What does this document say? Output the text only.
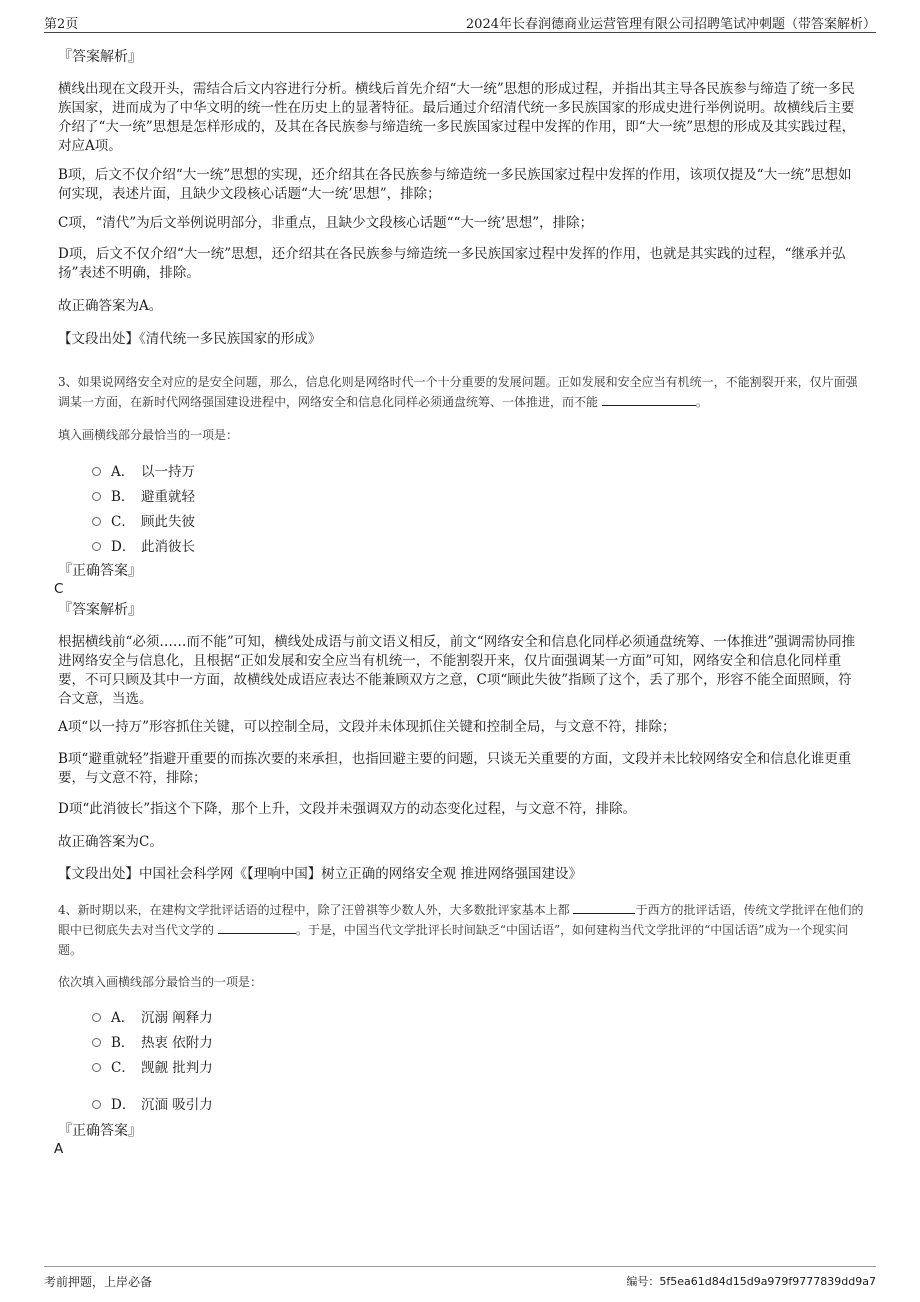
第2页	2024年长春润德商业运营管理有限公司招聘笔试冲刺题（带答案解析）
『答案解析』
横线出现在文段开头，需结合后文内容进行分析。横线后首先介绍“大一统”思想的形成过程，并指出其主导各民族参与缔造了统一多民族国家，进而成为了中华文明的统一性在历史上的显著特征。最后通过介绍清代统一多民族国家的形成史进行举例说明。故横线后主要介绍了“大一统”思想是怎样形成的，及其在各民族参与缔造统一多民族国家过程中发挥的作用，即“大一统”思想的形成及其实践过程，对应A项。
B项，后文不仅介绍“大一统”思想的实现，还介绍其在各民族参与缔造统一多民族国家过程中发挥的作用，该项仅提及“大一统”思想如何实现，表述片面，且缺少文段核心话题“大一统’思想”，排除；
C项，“清代”为后文举例说明部分，非重点，且缺少文段核心话题““大一统’思想”，排除；
D项，后文不仅介绍“大一统”思想，还介绍其在各民族参与缔造统一多民族国家过程中发挥的作用，也就是其实践的过程，“继承并弘扬”表述不明确，排除。
故正确答案为A。
【文段出处】《清代统一多民族国家的形成》
3、如果说网络安全对应的是安全问题，那么，信息化则是网络时代一个十分重要的发展问题。正如发展和安全应当有机统一，不能割裂开来，仅片面强调某一方面，在新时代网络强国建设进程中，网络安全和信息化同样必须通盘统筹、一体推进，而不能	。
填入画横线部分最恰当的一项是：
A． 以一持万
B． 避重就轻
C． 顾此失彼
D． 此消彼长
『正确答案』
C
『答案解析』
根据横线前“必须……而不能”可知，横线处成语与前文语义相反，前文“网络安全和信息化同样必须通盘统筹、一体推进”强调需协同推进网络安全与信息化，且根据“正如发展和安全应当有机统一，不能割裂开来，仅片面强调某一方面”可知，网络安全和信息化同样重要，不可只顾及其中一方面，故横线处成语应表达不能兼顾双方之意，C项“顾此失彼”指顾了这个，丢了那个，形容不能全面照顾，符合文意，当选。
A项“以一持万”形容抓住关键，可以控制全局，文段并未体现抓住关键和控制全局，与文意不符，排除；
B项“避重就轻”指避开重要的而拣次要的来承担，也指回避主要的问题，只谈无关重要的方面，文段并未比较网络安全和信息化谁更重要，与文意不符，排除；
D项“此消彼长”指这个下降，那个上升，文段并未强调双方的动态变化过程，与文意不符，排除。
故正确答案为C。
【文段出处】中国社会科学网《【理响中国】树立正确的网络安全观 推进网络强国建设》
4、新时期以来，在建构文学批评话语的过程中，除了汪曾祺等少数人外，大多数批评家基本上都	于西方的批评话语，传统文学批评在他们的眼中已彻底失去对当代文学的	。于是，中国当代文学批评长时间缺乏“中国话语”，如何建构当代文学批评的“中国话语”成为一个现实问题。
依次填入画横线部分最恰当的一项是：
A． 沉溺 阐释力
B． 热衷 依附力
C． 觊觎 批判力
D． 沉湎 吸引力
『正确答案』
A
考前押题，上岸必备	编号：5f5ea61d84d15d9a979f9777839dd9a7
